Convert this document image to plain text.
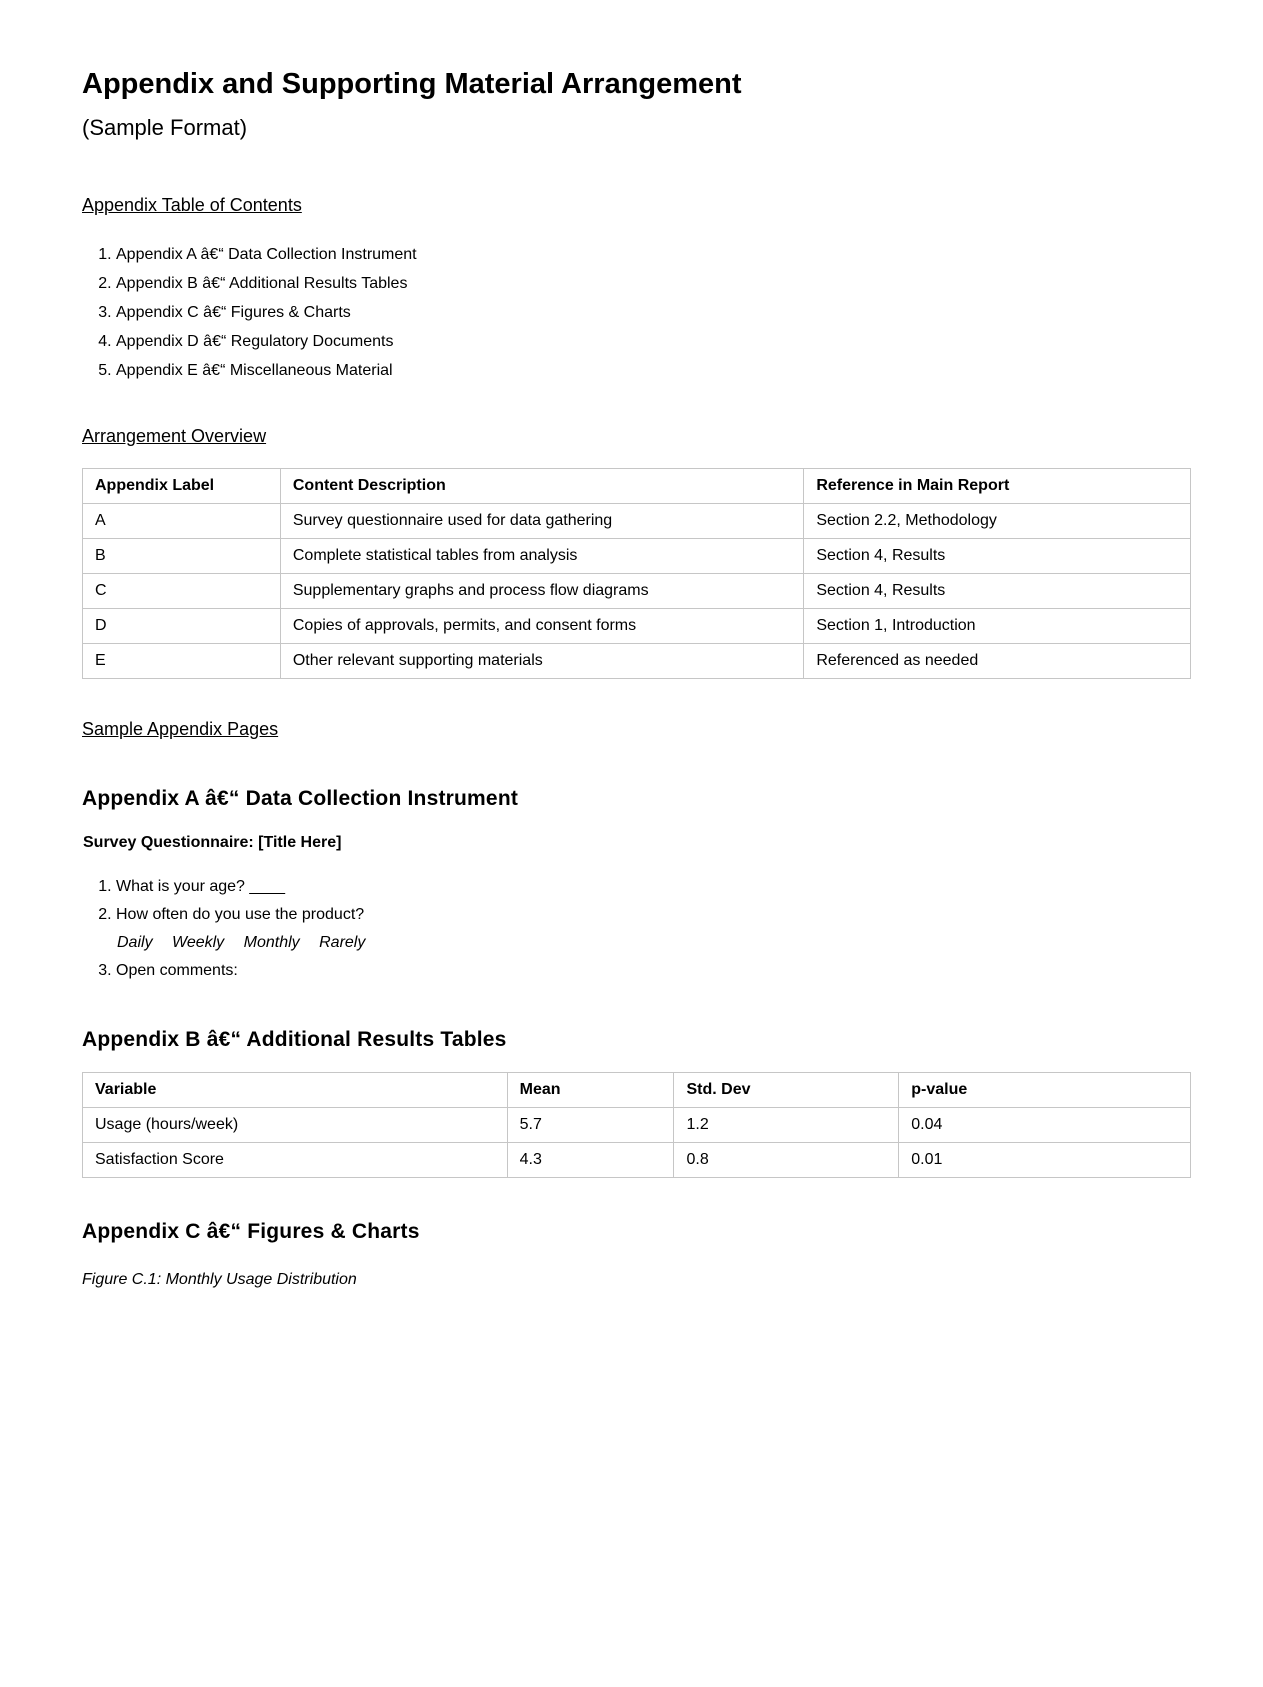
Appendix and Supporting Material Arrangement

(Sample Format)

Appendix Table of Contents

1. Appendix A â€“ Data Collection Instrument
2. Appendix B â€“ Additional Results Tables
3. Appendix C â€“ Figures & Charts
4. Appendix D â€“ Regulatory Documents
5. Appendix E â€“ Miscellaneous Material

Arrangement Overview

Appendix Label	Content Description	Reference in Main Report
A	Survey questionnaire used for data gathering	Section 2.2, Methodology
B	Complete statistical tables from analysis	Section 4, Results
C	Supplementary graphs and process flow diagrams	Section 4, Results
D	Copies of approvals, permits, and consent forms	Section 1, Introduction
E	Other relevant supporting materials	Referenced as needed

Sample Appendix Pages

Appendix A â€“ Data Collection Instrument

Survey Questionnaire: [Title Here]

1. What is your age? ____
2. How often do you use the product?
Daily Weekly Monthly Rarely
3. Open comments:
Appendix B â€“ Additional Results Tables
Variable	Mean	Std. Dev	p-value
Usage (hours/week)	5.7	1.2	0.04
Satisfaction Score	4.3	0.8	0.01
Appendix C â€“ Figures & Charts

Figure C.1: Monthly Usage Distribution
